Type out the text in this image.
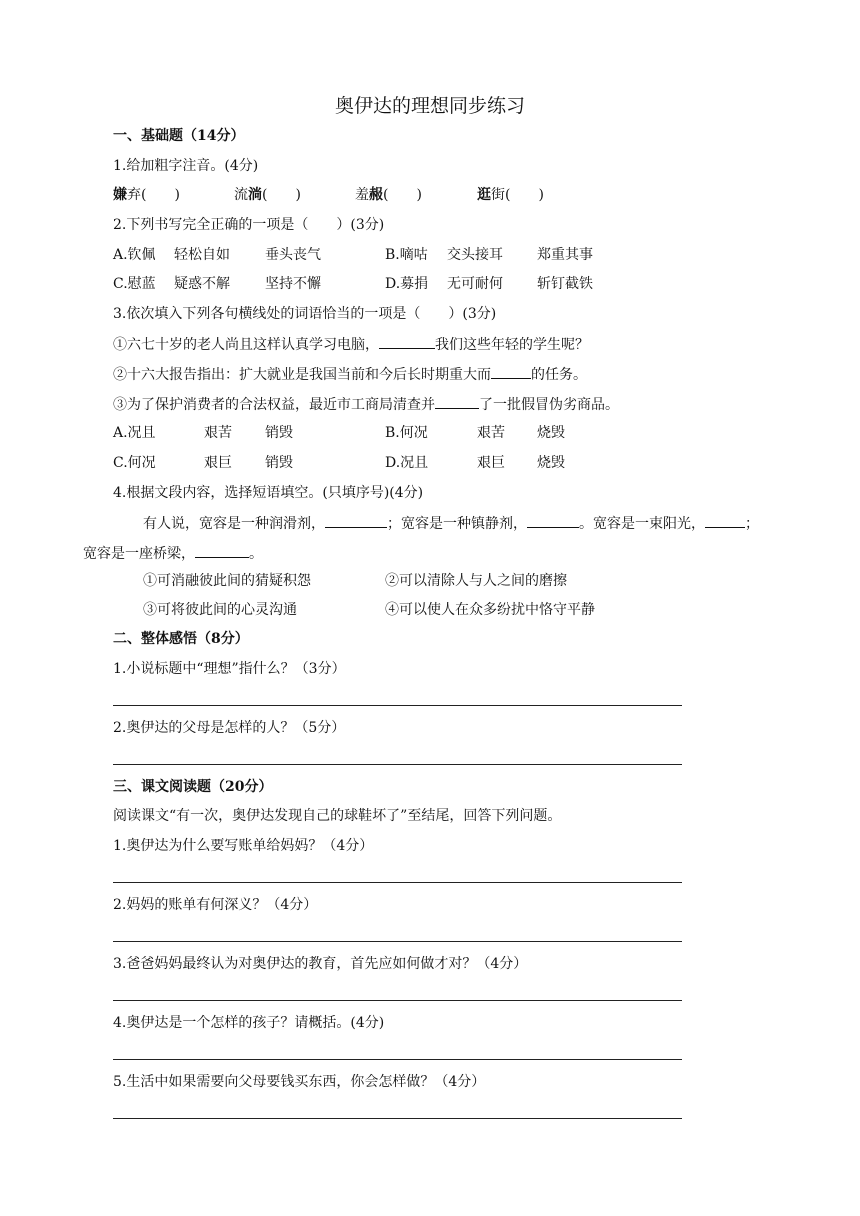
奥伊达的理想同步练习
一、基础题（14分）
1.给加粗字注音。(4分)
嫌弃(　　)	流淌(　　)	羞赧(　　)	逛街(　　)
2.下列书写完全正确的一项是（　　）(3分)
A.钦佩 轻松自如	垂头丧气	B.嘀咕 交头接耳 郑重其事
C.慰蓝 疑惑不解	坚持不懈	D.募捐 无可耐何 斩钉截铁
3.依次填入下列各句横线处的词语恰当的一项是（　　）(3分)
①六七十岁的老人尚且这样认真学习电脑，	我们这些年轻的学生呢？
②十六大报告指出：扩大就业是我国当前和今后长时期重大而	的任务。
③为了保护消费者的合法权益，最近市工商局清查并	了一批假冒伪劣商品。
A.况且	艰苦 销毁	B.何况	艰苦 烧毁
C.何况	艰巨 销毁	D.况且	艰巨 烧毁
4.根据文段内容，选择短语填空。(只填序号)(4分)
有人说，宽容是一种润滑剂，	；宽容是一种镇静剂，	。宽容是一束阳光，	；
宽容是一座桥梁，	。
①可消融彼此间的猜疑积怨	②可以清除人与人之间的磨擦
③可将彼此间的心灵沟通	④可以使人在众多纷扰中恪守平静
二、整体感悟（8分）
1.小说标题中“理想”指什么？（3分）
2.奥伊达的父母是怎样的人？（5分）
三、课文阅读题（20分）
阅读课文“有一次，奥伊达发现自己的球鞋坏了”至结尾，回答下列问题。
1.奥伊达为什么要写账单给妈妈？（4分）
2.妈妈的账单有何深义？（4分）
3.爸爸妈妈最终认为对奥伊达的教育，首先应如何做才对？（4分）
4.奥伊达是一个怎样的孩子？请概括。(4分)
5.生活中如果需要向父母要钱买东西，你会怎样做？（4分）
